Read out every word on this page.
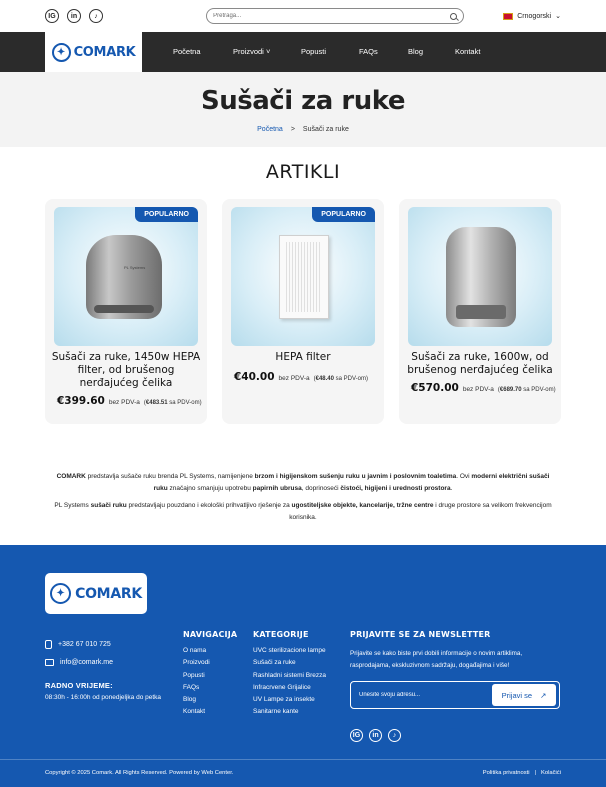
IG	in	♪
Pretraga...	Crnogorski ⌄
✦ COMARK	Početna	Proizvodi ˅	Popusti	FAQs	Blog	Kontakt
Sušači za ruke
Početna > Sušači za ruke
ARTIKLI
PL Systems
POPULARNO
Sušači za ruke, 1450w HEPA filter, od brušenog nerđajućeg čelika
€399.60 bez PDV-a (€483.51 sa PDV-om)
POPULARNO
HEPA filter
€40.00 bez PDV-a (€48.40 sa PDV-om)
Sušači za ruke, 1600w, od brušenog nerđajućeg čelika
€570.00 bez PDV-a (€689.70 sa PDV-om)

COMARK predstavlja sušače ruku brenda PL Systems, namijenjene brzom i higijenskom sušenju ruku u javnim i poslovnim toaletima. Ovi moderni električni sušači ruku značajno smanjuju upotrebu papirnih ubrusa, doprinoseći čistoći, higijeni i urednosti prostora.

PL Systems sušači ruku predstavljaju pouzdano i ekološki prihvatljivo rješenje za ugostiteljske objekte, kancelarije, tržne centre i druge prostore sa velikom frekvencijom korisnika.

✦ COMARK
+382 67 010 725
info@comark.me
RADNO VRIJEME:
08:30h - 16:00h od ponedjeljka do petka
NAVIGACIJA
O nama
Proizvodi
Popusti
FAQs
Blog
Kontakt
KATEGORIJE
UVC sterilizacione lampe
Sušači za ruke
Rashladni sistemi Brezza
Infracrvene Grijalice
UV Lampe za insekte
Sanitarne kante
PRIJAVITE SE ZA NEWSLETTER

Prijavite se kako biste prvi dobili informacije o novim artiklima, rasprodajama, ekskluzivnom sadržaju, događajima i više!

Unesite svoju adresu...
Prijavi se ↗
IG	in	♪
Copyright © 2025 Comark. All Rights Reserved. Powered by Web Center.	Politika privatnosti | Kolačići
